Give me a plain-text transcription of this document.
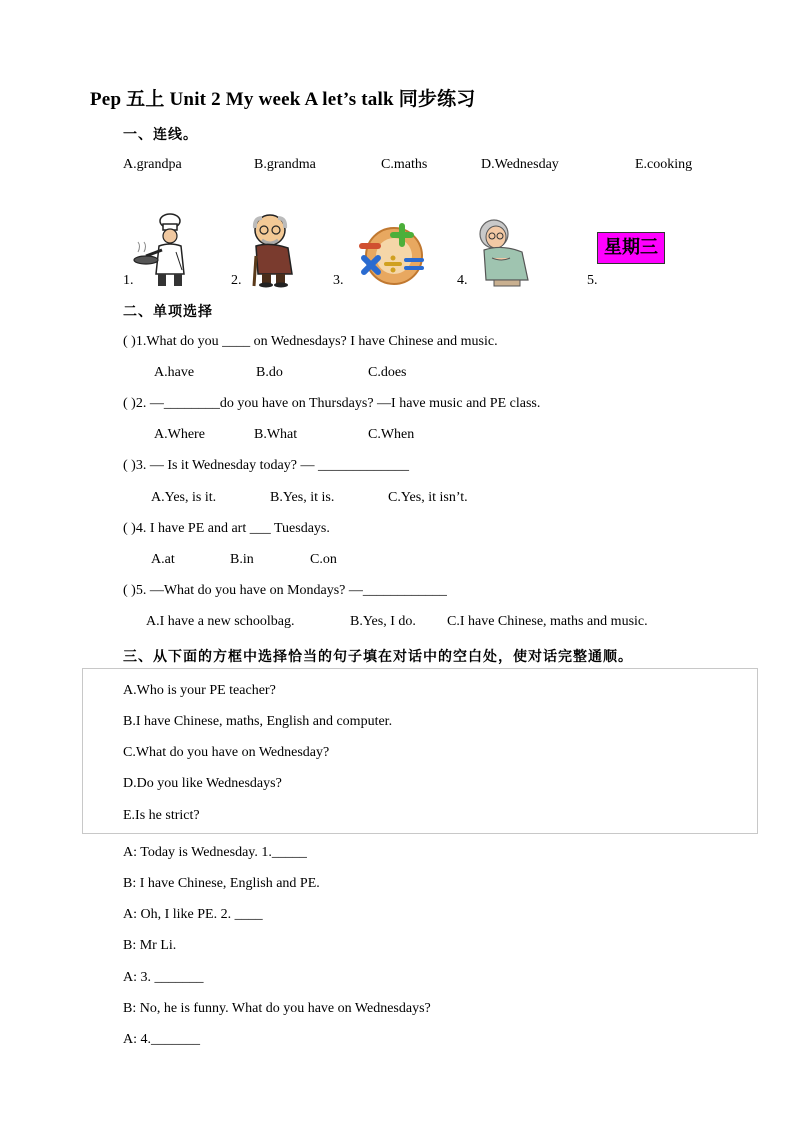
Pep 五上 Unit 2 My week A let’s talk 同步练习
一、连线。
A.grandpa	B.grandma	C.maths	D.Wednesday	E.cooking
1.	2.	3.	4.	5.
星期三
二、单项选择
( )1.What do you ____ on Wednesdays? I have Chinese and music.
A.have	B.do	C.does
( )2. —________do you have on Thursdays? —I have music and PE class.
A.Where	B.What	C.When
( )3. — Is it Wednesday today? — _____________
A.Yes, is it.	B.Yes, it is.	C.Yes, it isn’t.
( )4. I have PE and art ___ Tuesdays.
A.at	B.in	C.on
( )5. —What do you have on Mondays? —____________
A.I have a new schoolbag.	B.Yes, I do. C.I have Chinese, maths and music.
三、从下面的方框中选择恰当的句子填在对话中的空白处，使对话完整通顺。
A.Who is your PE teacher?
B.I have Chinese, maths, English and computer.
C.What do you have on Wednesday?
D.Do you like Wednesdays?
E.Is he strict?
A: Today is Wednesday. 1._____
B: I have Chinese, English and PE.
A: Oh, I like PE. 2. ____
B: Mr Li.
A: 3. _______
B: No, he is funny. What do you have on Wednesdays?
A: 4._______
